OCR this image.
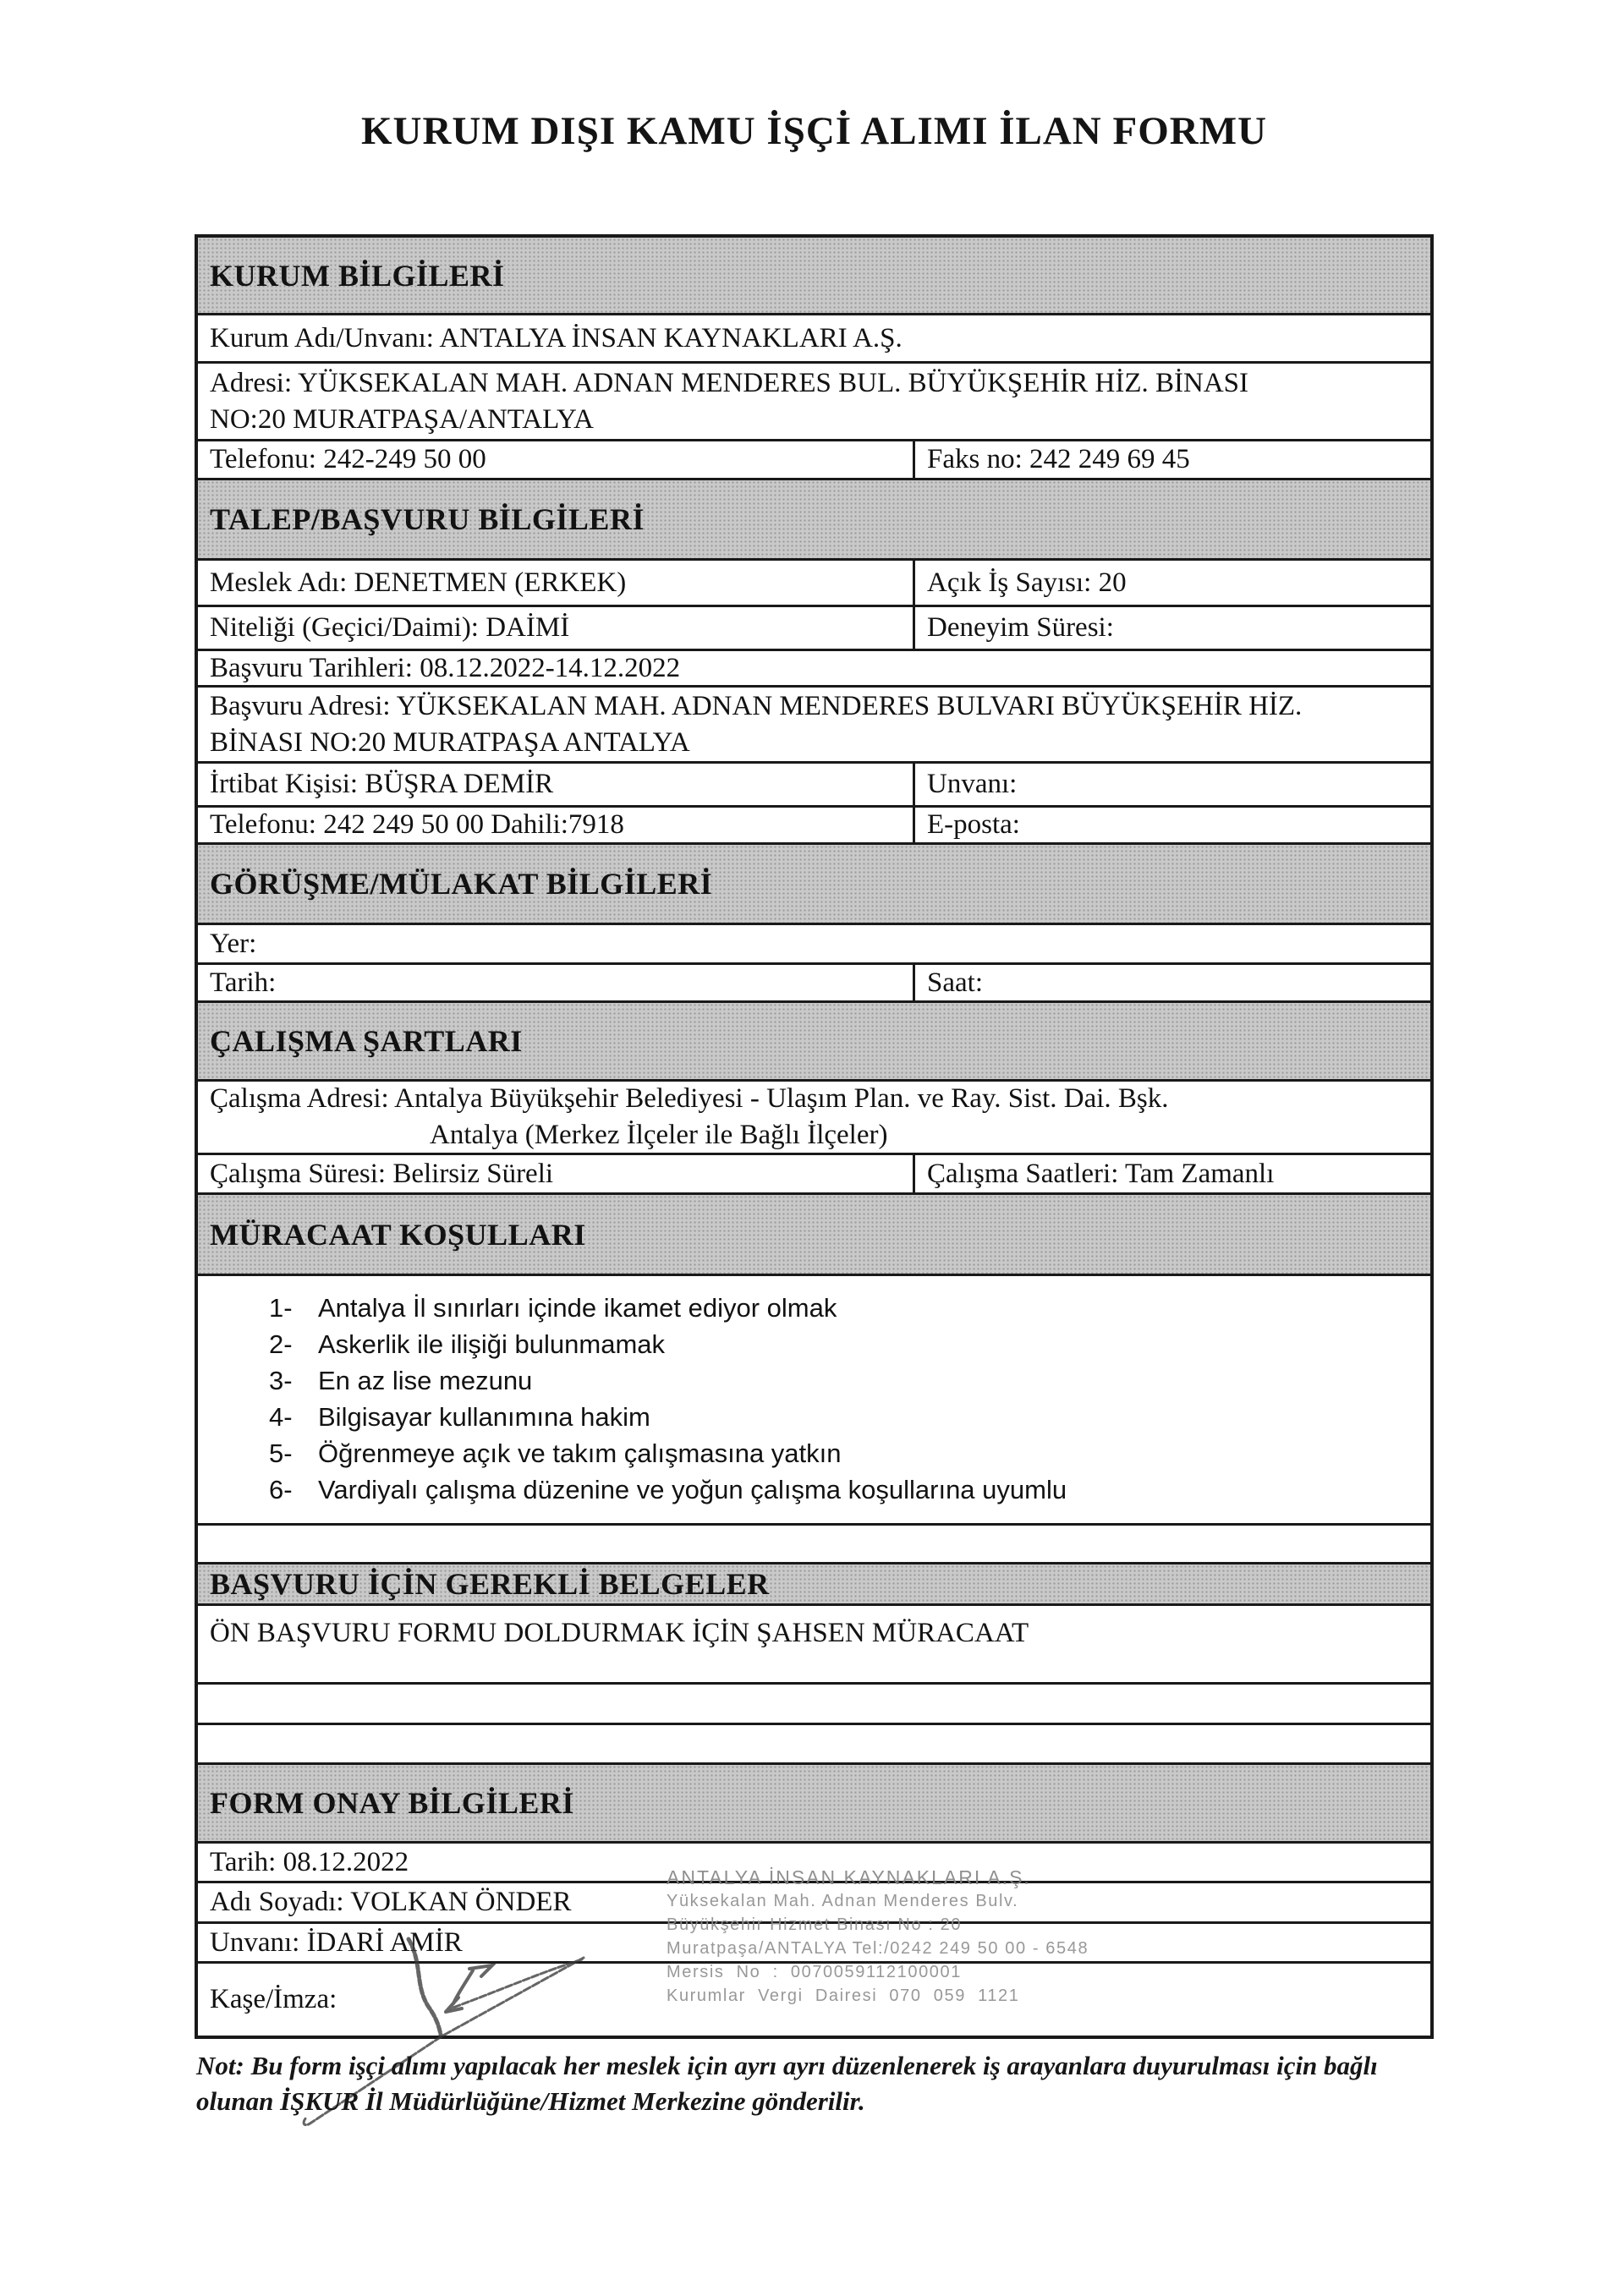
KURUM DIŞI KAMU İŞÇİ ALIMI İLAN FORMU
KURUM BİLGİLERİ
Kurum Adı/Unvanı: ANTALYA İNSAN KAYNAKLARI A.Ş.
Adresi: YÜKSEKALAN MAH. ADNAN MENDERES BUL. BÜYÜKŞEHİR HİZ. BİNASI
NO:20 MURATPAŞA/ANTALYA
Telefonu: 242-249 50 00	Faks no: 242 249 69 45
TALEP/BAŞVURU BİLGİLERİ
Meslek Adı: DENETMEN (ERKEK)	Açık İş Sayısı: 20
Niteliği (Geçici/Daimi): DAİMİ	Deneyim Süresi:
Başvuru Tarihleri: 08.12.2022-14.12.2022
Başvuru Adresi: YÜKSEKALAN MAH. ADNAN MENDERES BULVARI BÜYÜKŞEHİR HİZ.
BİNASI NO:20 MURATPAŞA ANTALYA
İrtibat Kişisi: BÜŞRA DEMİR	Unvanı:
Telefonu: 242 249 50 00 Dahili:7918	E-posta:
GÖRÜŞME/MÜLAKAT BİLGİLERİ
Yer:
Tarih:	Saat:
ÇALIŞMA ŞARTLARI
Çalışma Adresi: Antalya Büyükşehir Belediyesi - Ulaşım Plan. ve Ray. Sist. Dai. Bşk.
Antalya (Merkez İlçeler ile Bağlı İlçeler)
Çalışma Süresi: Belirsiz Süreli	Çalışma Saatleri: Tam Zamanlı
MÜRACAAT KOŞULLARI
1- Antalya İl sınırları içinde ikamet ediyor olmak
2- Askerlik ile ilişiği bulunmamak
3- En az lise mezunu
4- Bilgisayar kullanımına hakim
5- Öğrenmeye açık ve takım çalışmasına yatkın
6- Vardiyalı çalışma düzenine ve yoğun çalışma koşullarına uyumlu
BAŞVURU İÇİN GEREKLİ BELGELER
ÖN BAŞVURU FORMU DOLDURMAK İÇİN ŞAHSEN MÜRACAAT
FORM ONAY BİLGİLERİ
Tarih: 08.12.2022
Adı Soyadı: VOLKAN ÖNDER
Unvanı: İDARİ AMİR
Kaşe/İmza:
ANTALYA İNSAN KAYNAKLARI A.Ş.
Yüksekalan Mah. Adnan Menderes Bulv.
Büyükşehir Hizmet Binası No : 20
Muratpaşa/ANTALYA Tel:/0242 249 50 00 - 6548
Mersis No : 0070059112100001
Kurumlar Vergi Dairesi 070 059 1121
Not: Bu form işçi alımı yapılacak her meslek için ayrı ayrı düzenlenerek iş arayanlara duyurulması için bağlı
olunan İŞKUR İl Müdürlüğüne/Hizmet Merkezine gönderilir.
